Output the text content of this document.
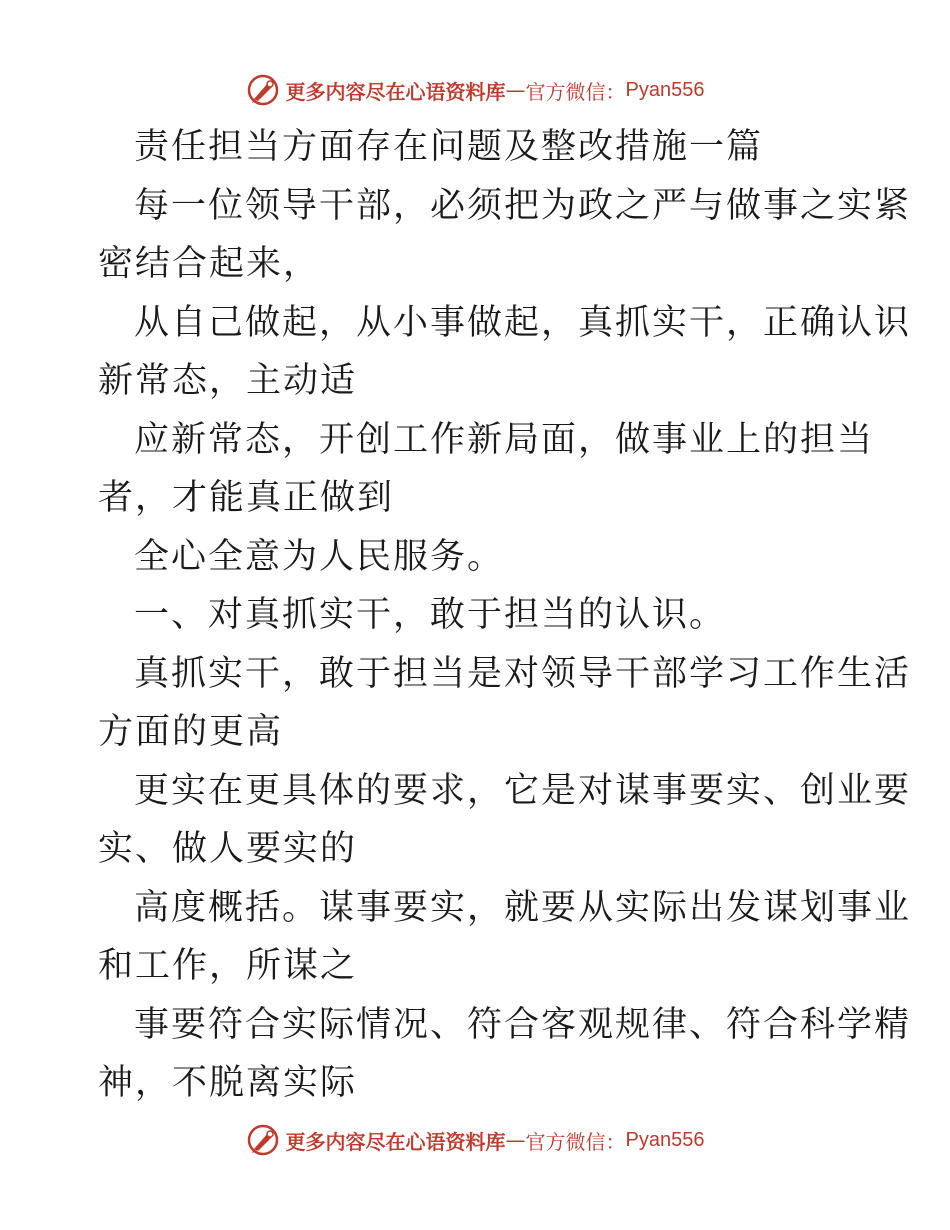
更多内容尽在心语资料库 — 官方微信： Pyan556
责任担当方面存在问题及整改措施一篇
每一位领导干部，必须把为政之严与做事之实紧
密结合起来，
从自己做起，从小事做起，真抓实干，正确认识
新常态，主动适
应新常态，开创工作新局面，做事业上的担当
者，才能真正做到
全心全意为人民服务。
一、对真抓实干，敢于担当的认识。
真抓实干，敢于担当是对领导干部学习工作生活
方面的更高
更实在更具体的要求，它是对谋事要实、创业要
实、做人要实的
高度概括。谋事要实，就要从实际出发谋划事业
和工作，所谋之
事要符合实际情况、符合客观规律、符合科学精
神，不脱离实际
更多内容尽在心语资料库 — 官方微信： Pyan556
